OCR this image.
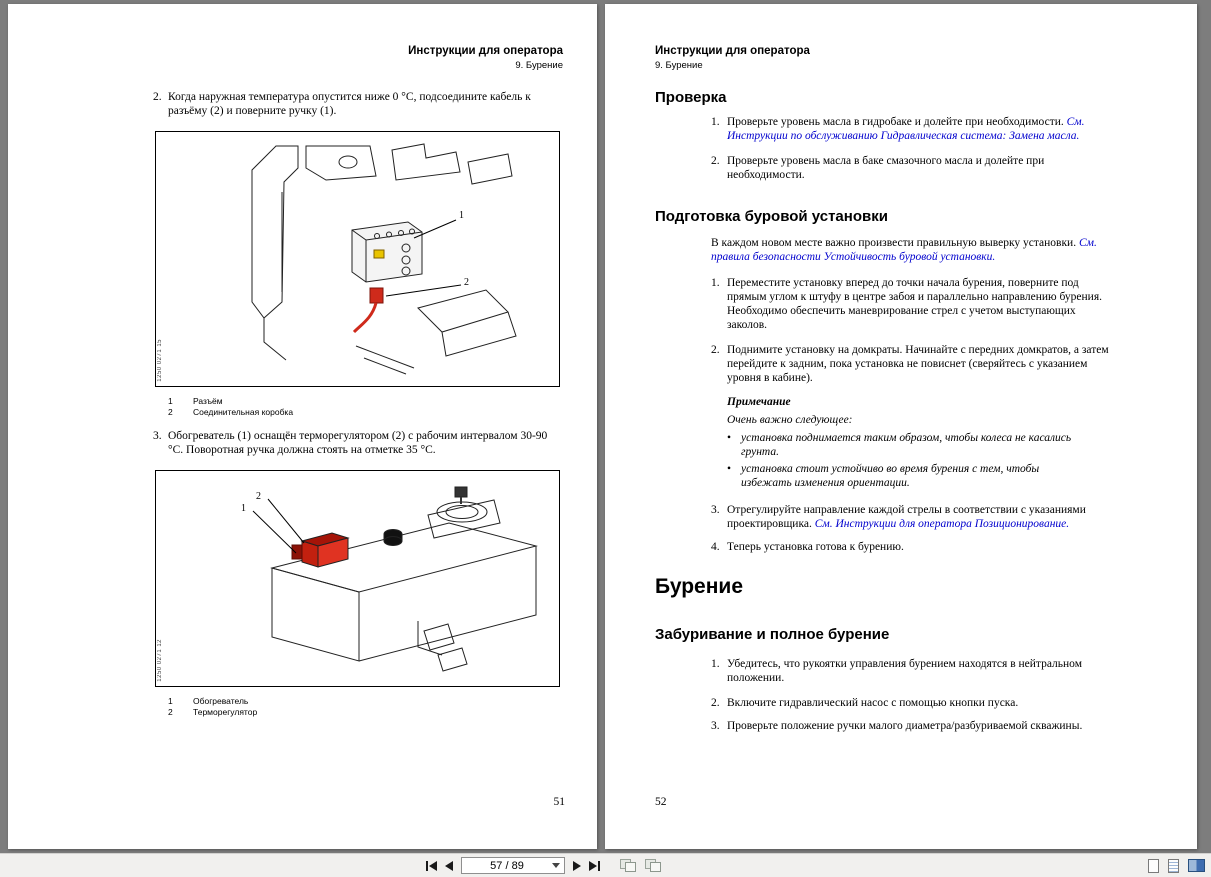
Инструкции для оператора
9. Бурение
2. Когда наружная температура опустится ниже 0 °C, подсоедините кабель к разъёму (2) и поверните ручку (1).
1
2
1250 0271 15
1	Разъём
2	Соединительная коробка
3. Обогреватель (1) оснащён терморегулятором (2) с рабочим интервалом 30-90 °C. Поворотная ручка должна стоять на отметке 35 °C.
2
1
1250 0271 12
1	Обогреватель
2	Терморегулятор
51
Инструкции для оператора
9. Бурение
Проверка
1. Проверьте уровень масла в гидробаке и долейте при необходимости. См. Инструкции по обслуживанию Гидравлическая система: Замена масла.
2. Проверьте уровень масла в баке смазочного масла и долейте при необходимости.
Подготовка буровой установки
В каждом новом месте важно произвести правильную выверку установки. См. правила безопасности Устойчивость буровой установки.
1. Переместите установку вперед до точки начала бурения, поверните под прямым углом к штуфу в центре забоя и параллельно направлению бурения. Необходимо обеспечить маневрирование стрел с учетом выступающих заколов.
2. Поднимите установку на домкраты. Начинайте с передних домкратов, а затем перейдите к задним, пока установка не повиснет (сверяйтесь с указанием уровня в кабине).
Примечание
Очень важно следующее:
• установка поднимается таким образом, чтобы колеса не касались грунта.
• установка стоит устойчиво во время бурения с тем, чтобы избежать изменения ориентации.
3. Отрегулируйте направление каждой стрелы в соответствии с указаниями проектировщика. См. Инструкции для оператора Позиционирование.
4. Теперь установка готова к бурению.
Бурение
Забуривание и полное бурение
1. Убедитесь, что рукоятки управления бурением находятся в нейтральном положении.
2. Включите гидравлический насос с помощью кнопки пуска.
3. Проверьте положение ручки малого диаметра/разбуриваемой скважины.
52
57 / 89
